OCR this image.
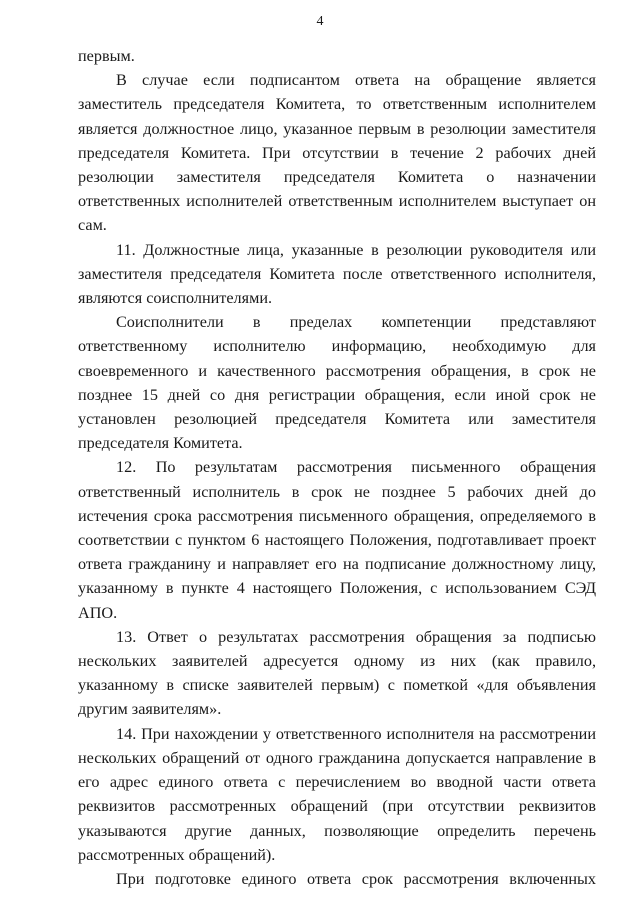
4

первым.

В случае если подписантом ответа на обращение является заместитель председателя Комитета, то ответственным исполнителем является должностное лицо, указанное первым в резолюции заместителя председателя Комитета. При отсутствии в течение 2 рабочих дней резолюции заместителя председателя Комитета о назначении ответственных исполнителей ответственным исполнителем выступает он сам.

11. Должностные лица, указанные в резолюции руководителя или заместителя председателя Комитета после ответственного исполнителя, являются соисполнителями.

Соисполнители в пределах компетенции представляют ответственному исполнителю информацию, необходимую для своевременного и качественного рассмотрения обращения, в срок не позднее 15 дней со дня регистрации обращения, если иной срок не установлен резолюцией председателя Комитета или заместителя председателя Комитета.

12. По результатам рассмотрения письменного обращения ответственный исполнитель в срок не позднее 5 рабочих дней до истечения срока рассмотрения письменного обращения, определяемого в соответствии с пунктом 6 настоящего Положения, подготавливает проект ответа гражданину и направляет его на подписание должностному лицу, указанному в пункте 4 настоящего Положения, с использованием СЭД АПО.

13. Ответ о результатах рассмотрения обращения за подписью нескольких заявителей адресуется одному из них (как правило, указанному в списке заявителей первым) с пометкой «для объявления другим заявителям».

14. При нахождении у ответственного исполнителя на рассмотрении нескольких обращений от одного гражданина допускается направление в его адрес единого ответа с перечислением во вводной части ответа реквизитов рассмотренных обращений (при отсутствии реквизитов указываются другие данных, позволяющие определить перечень рассмотренных обращений).

При подготовке единого ответа срок рассмотрения включенных
